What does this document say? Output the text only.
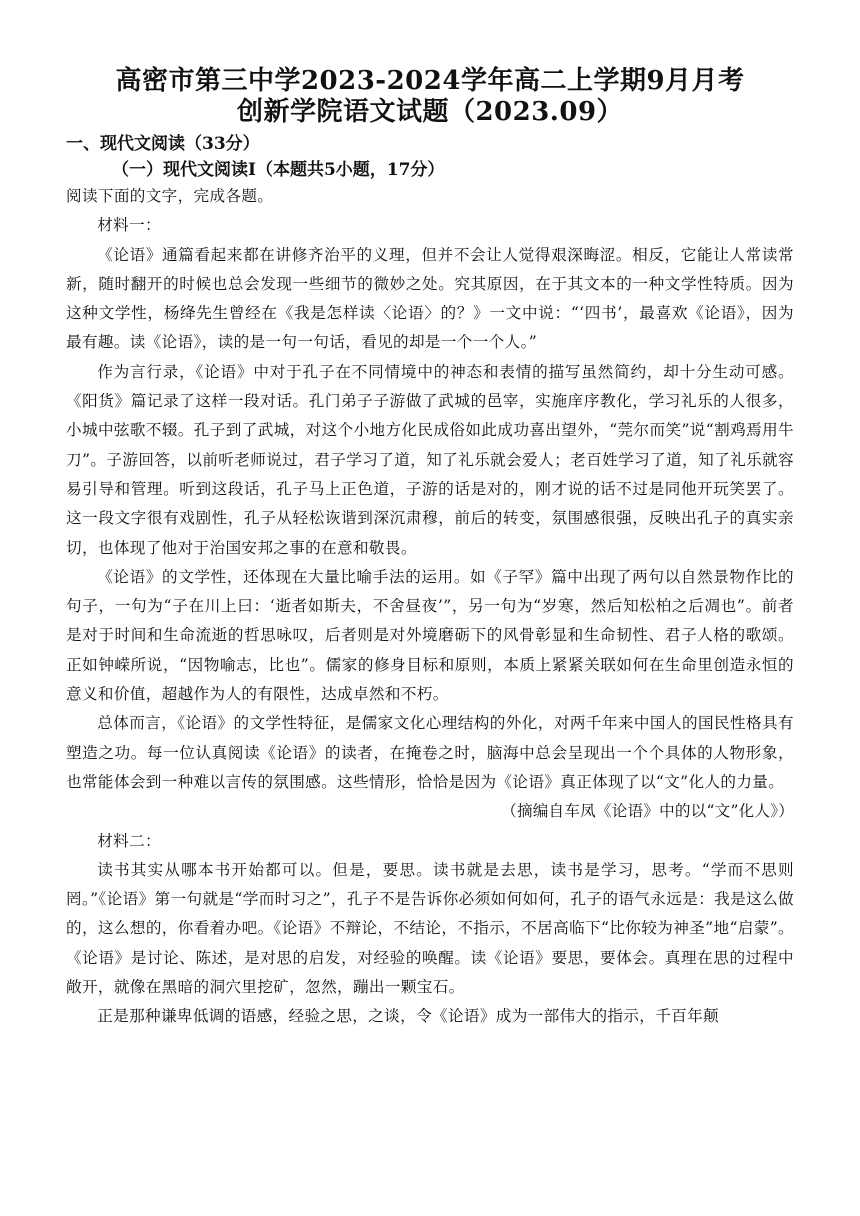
高密市第三中学2023-2024学年高二上学期9月月考
创新学院语文试题（2023.09）
一、现代文阅读（33分）
（一）现代文阅读Ⅰ（本题共5小题，17分）

阅读下面的文字，完成各题。

材料一：

《论语》通篇看起来都在讲修齐治平的义理，但并不会让人觉得艰深晦涩。相反，它能让人常读常新，随时翻开的时候也总会发现一些细节的微妙之处。究其原因，在于其文本的一种文学性特质。因为这种文学性，杨绛先生曾经在《我是怎样读〈论语〉的？》一文中说：“‘四书’，最喜欢《论语》，因为最有趣。读《论语》，读的是一句一句话，看见的却是一个一个人。”

作为言行录，《论语》中对于孔子在不同情境中的神态和表情的描写虽然简约，却十分生动可感。《阳货》篇记录了这样一段对话。孔门弟子子游做了武城的邑宰，实施庠序教化，学习礼乐的人很多，小城中弦歌不辍。孔子到了武城，对这个小地方化民成俗如此成功喜出望外，“莞尔而笑”说“割鸡焉用牛刀”。子游回答，以前听老师说过，君子学习了道，知了礼乐就会爱人；老百姓学习了道，知了礼乐就容易引导和管理。听到这段话，孔子马上正色道，子游的话是对的，刚才说的话不过是同他开玩笑罢了。这一段文字很有戏剧性，孔子从轻松诙谐到深沉肃穆，前后的转变，氛围感很强，反映出孔子的真实亲切，也体现了他对于治国安邦之事的在意和敬畏。

《论语》的文学性，还体现在大量比喻手法的运用。如《子罕》篇中出现了两句以自然景物作比的句子，一句为“子在川上曰：‘逝者如斯夫，不舍昼夜’”，另一句为“岁寒，然后知松柏之后凋也”。前者是对于时间和生命流逝的哲思咏叹，后者则是对外境磨砺下的风骨彰显和生命韧性、君子人格的歌颂。正如钟嵘所说，“因物喻志，比也”。儒家的修身目标和原则，本质上紧紧关联如何在生命里创造永恒的意义和价值，超越作为人的有限性，达成卓然和不朽。

总体而言，《论语》的文学性特征，是儒家文化心理结构的外化，对两千年来中国人的国民性格具有塑造之功。每一位认真阅读《论语》的读者，在掩卷之时，脑海中总会呈现出一个个具体的人物形象，也常能体会到一种难以言传的氛围感。这些情形，恰恰是因为《论语》真正体现了以“文”化人的力量。

（摘编自车凤《论语》中的以“文”化人》）

材料二：

读书其实从哪本书开始都可以。但是，要思。读书就是去思，读书是学习，思考。“学而不思则罔。”《论语》第一句就是“学而时习之”，孔子不是告诉你必须如何如何，孔子的语气永远是：我是这么做的，这么想的，你看着办吧。《论语》不辩论，不结论，不指示，不居高临下“比你较为神圣”地“启蒙”。《论语》是讨论、陈述，是对思的启发，对经验的唤醒。读《论语》要思，要体会。真理在思的过程中敞开，就像在黑暗的洞穴里挖矿，忽然，蹦出一颗宝石。

正是那种谦卑低调的语感，经验之思，之谈，令《论语》成为一部伟大的指示，千百年颠
